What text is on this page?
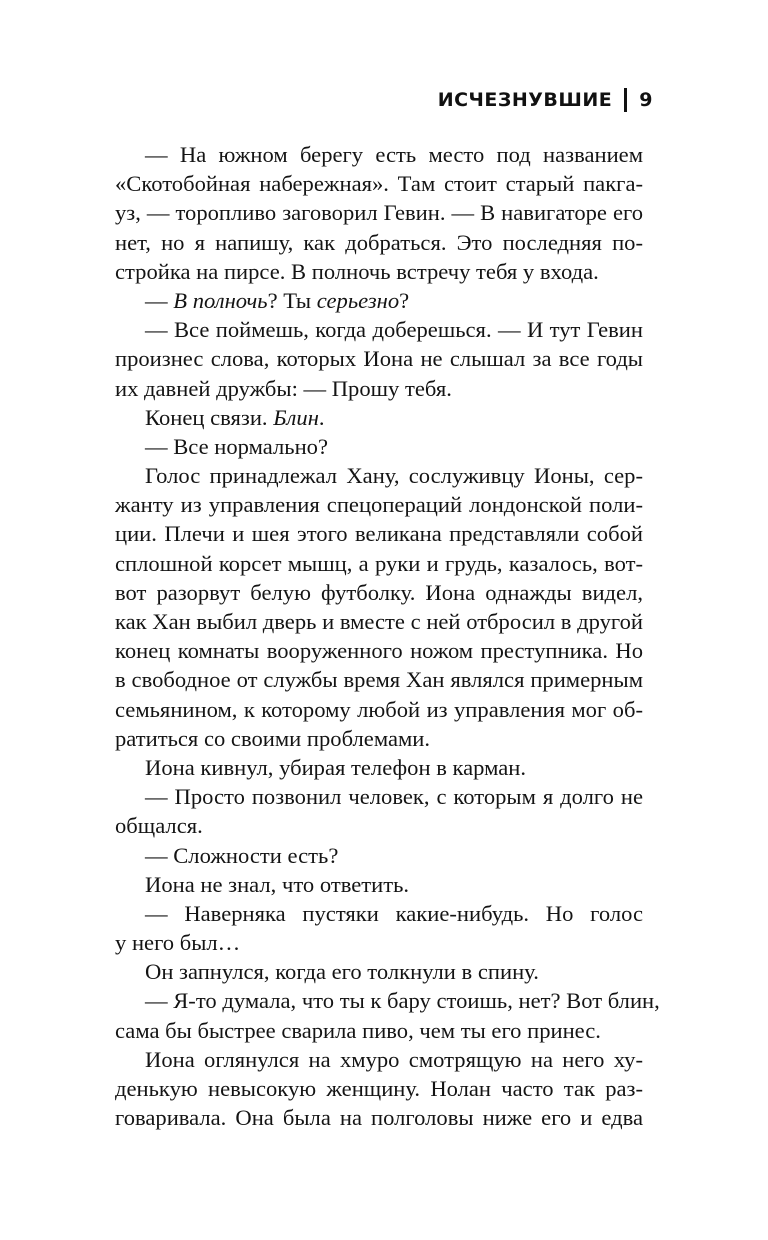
ИСЧЕЗНУВШИЕ 9
— На южном берегу есть место под названием
«Скотобойная набережная». Там стоит старый пакга-
уз, — торопливо заговорил Гевин. — В навигаторе его
нет, но я напишу, как добраться. Это последняя по-
стройка на пирсе. В полночь встречу тебя у входа.
— В полночь? Ты серьезно?
— Все поймешь, когда доберешься. — И тут Гевин
произнес слова, которых Иона не слышал за все годы
их давней дружбы: — Прошу тебя.
Конец связи. Блин.
— Все нормально?
Голос принадлежал Хану, сослуживцу Ионы, сер-
жанту из управления спецопераций лондонской поли-
ции. Плечи и шея этого великана представляли собой
сплошной корсет мышц, а руки и грудь, казалось, вот-
вот разорвут белую футболку. Иона однажды видел,
как Хан выбил дверь и вместе с ней отбросил в другой
конец комнаты вооруженного ножом преступника. Но
в свободное от службы время Хан являлся примерным
семьянином, к которому любой из управления мог об-
ратиться со своими проблемами.
Иона кивнул, убирая телефон в карман.
— Просто позвонил человек, с которым я долго не
общался.
— Сложности есть?
Иона не знал, что ответить.
— Наверняка пустяки какие-нибудь. Но голос
у него был…
Он запнулся, когда его толкнули в спину.
— Я-то думала, что ты к бару стоишь, нет? Вот блин,
сама бы быстрее сварила пиво, чем ты его принес.
Иона оглянулся на хмуро смотрящую на него ху-
денькую невысокую женщину. Нолан часто так раз-
говаривала. Она была на полголовы ниже его и едва
